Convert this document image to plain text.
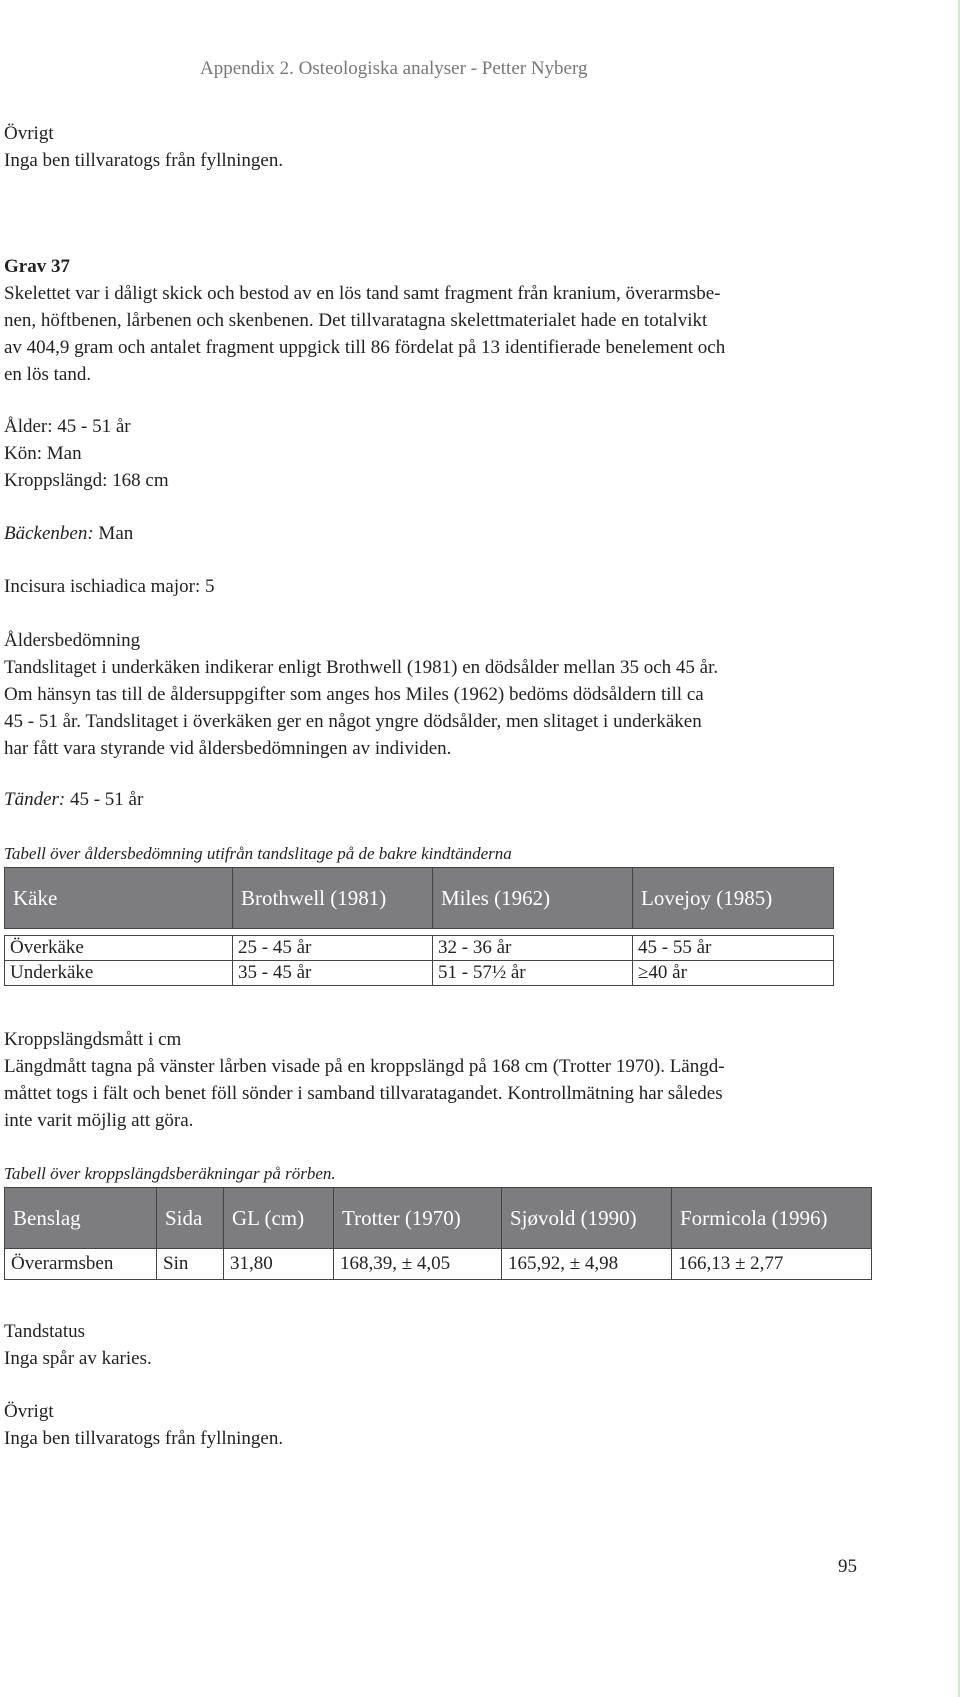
Appendix 2. Osteologiska analyser - Petter Nyberg
Övrigt
Inga ben tillvaratogs från fyllningen.
Grav 37
Skelettet var i dåligt skick och bestod av en lös tand samt fragment från kranium, överarmsbe-
nen, höftbenen, lårbenen och skenbenen. Det tillvaratagna skelettmaterialet hade en totalvikt
av 404,9 gram och antalet fragment uppgick till 86 fördelat på 13 identifierade benelement och
en lös tand.
Ålder: 45 - 51 år
Kön: Man
Kroppslängd: 168 cm
Bäckenben: Man
Incisura ischiadica major: 5
Åldersbedömning
Tandslitaget i underkäken indikerar enligt Brothwell (1981) en dödsålder mellan 35 och 45 år.
Om hänsyn tas till de åldersuppgifter som anges hos Miles (1962) bedöms dödsåldern till ca
45 - 51 år. Tandslitaget i överkäken ger en något yngre dödsålder, men slitaget i underkäken
har fått vara styrande vid åldersbedömningen av individen.
Tänder: 45 - 51 år
Tabell över åldersbedömning utifrån tandslitage på de bakre kindtänderna
Käke	Brothwell (1981)	Miles (1962)	Lovejoy (1985)

Överkäke	25 - 45 år	32 - 36 år	45 - 55 år
Underkäke	35 - 45 år	51 - 57½ år	≥40 år
Kroppslängdsmått i cm
Längdmått tagna på vänster lårben visade på en kroppslängd på 168 cm (Trotter 1970). Längd-
måttet togs i fält och benet föll sönder i samband tillvaratagandet. Kontrollmätning har således
inte varit möjlig att göra.
Tabell över kroppslängdsberäkningar på rörben.
Benslag	Sida	GL (cm)	Trotter (1970)	Sjøvold (1990)	Formicola (1996)
Överarmsben	Sin	31,80	168,39, ± 4,05	165,92, ± 4,98	166,13 ± 2,77
Tandstatus
Inga spår av karies.
Övrigt
Inga ben tillvaratogs från fyllningen.
95
